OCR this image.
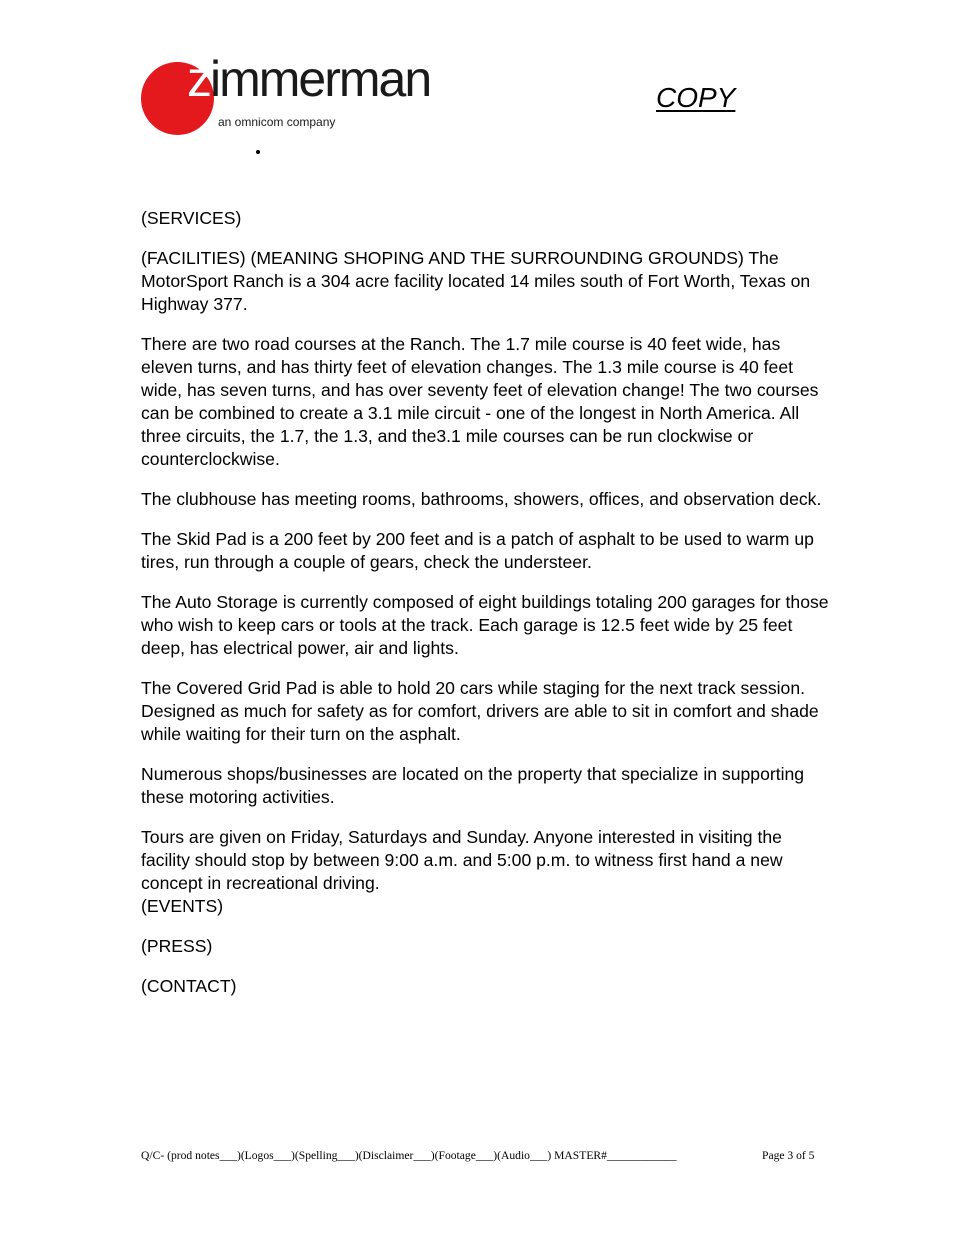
zimmerman
an omnicom company
COPY

(SERVICES)

(FACILITIES) (MEANING SHOPING AND THE SURROUNDING GROUNDS) The MotorSport Ranch is a 304 acre facility located 14 miles south of Fort Worth, Texas on Highway 377.

There are two road courses at the Ranch. The 1.7 mile course is 40 feet wide, has eleven turns, and has thirty feet of elevation changes. The 1.3 mile course is 40 feet wide, has seven turns, and has over seventy feet of elevation change! The two courses can be combined to create a 3.1 mile circuit - one of the longest in North America. All three circuits, the 1.7, the 1.3, and the3.1 mile courses can be run clockwise or counterclockwise.

The clubhouse has meeting rooms, bathrooms, showers, offices, and observation deck.

The Skid Pad is a 200 feet by 200 feet and is a patch of asphalt to be used to warm up tires, run through a couple of gears, check the understeer.

The Auto Storage is currently composed of eight buildings totaling 200 garages for those who wish to keep cars or tools at the track. Each garage is 12.5 feet wide by 25 feet deep, has electrical power, air and lights.

The Covered Grid Pad is able to hold 20 cars while staging for the next track session. Designed as much for safety as for comfort, drivers are able to sit in comfort and shade while waiting for their turn on the asphalt.

Numerous shops/businesses are located on the property that specialize in supporting these motoring activities.

Tours are given on Friday, Saturdays and Sunday. Anyone interested in visiting the facility should stop by between 9:00 a.m. and 5:00 p.m. to witness first hand a new concept in recreational driving.

(EVENTS)

(PRESS)

(CONTACT)

Q/C- (prod notes___)(Logos___)(Spelling___)(Disclaimer___)(Footage___)(Audio___) MASTER#____________	Page 3 of 5
